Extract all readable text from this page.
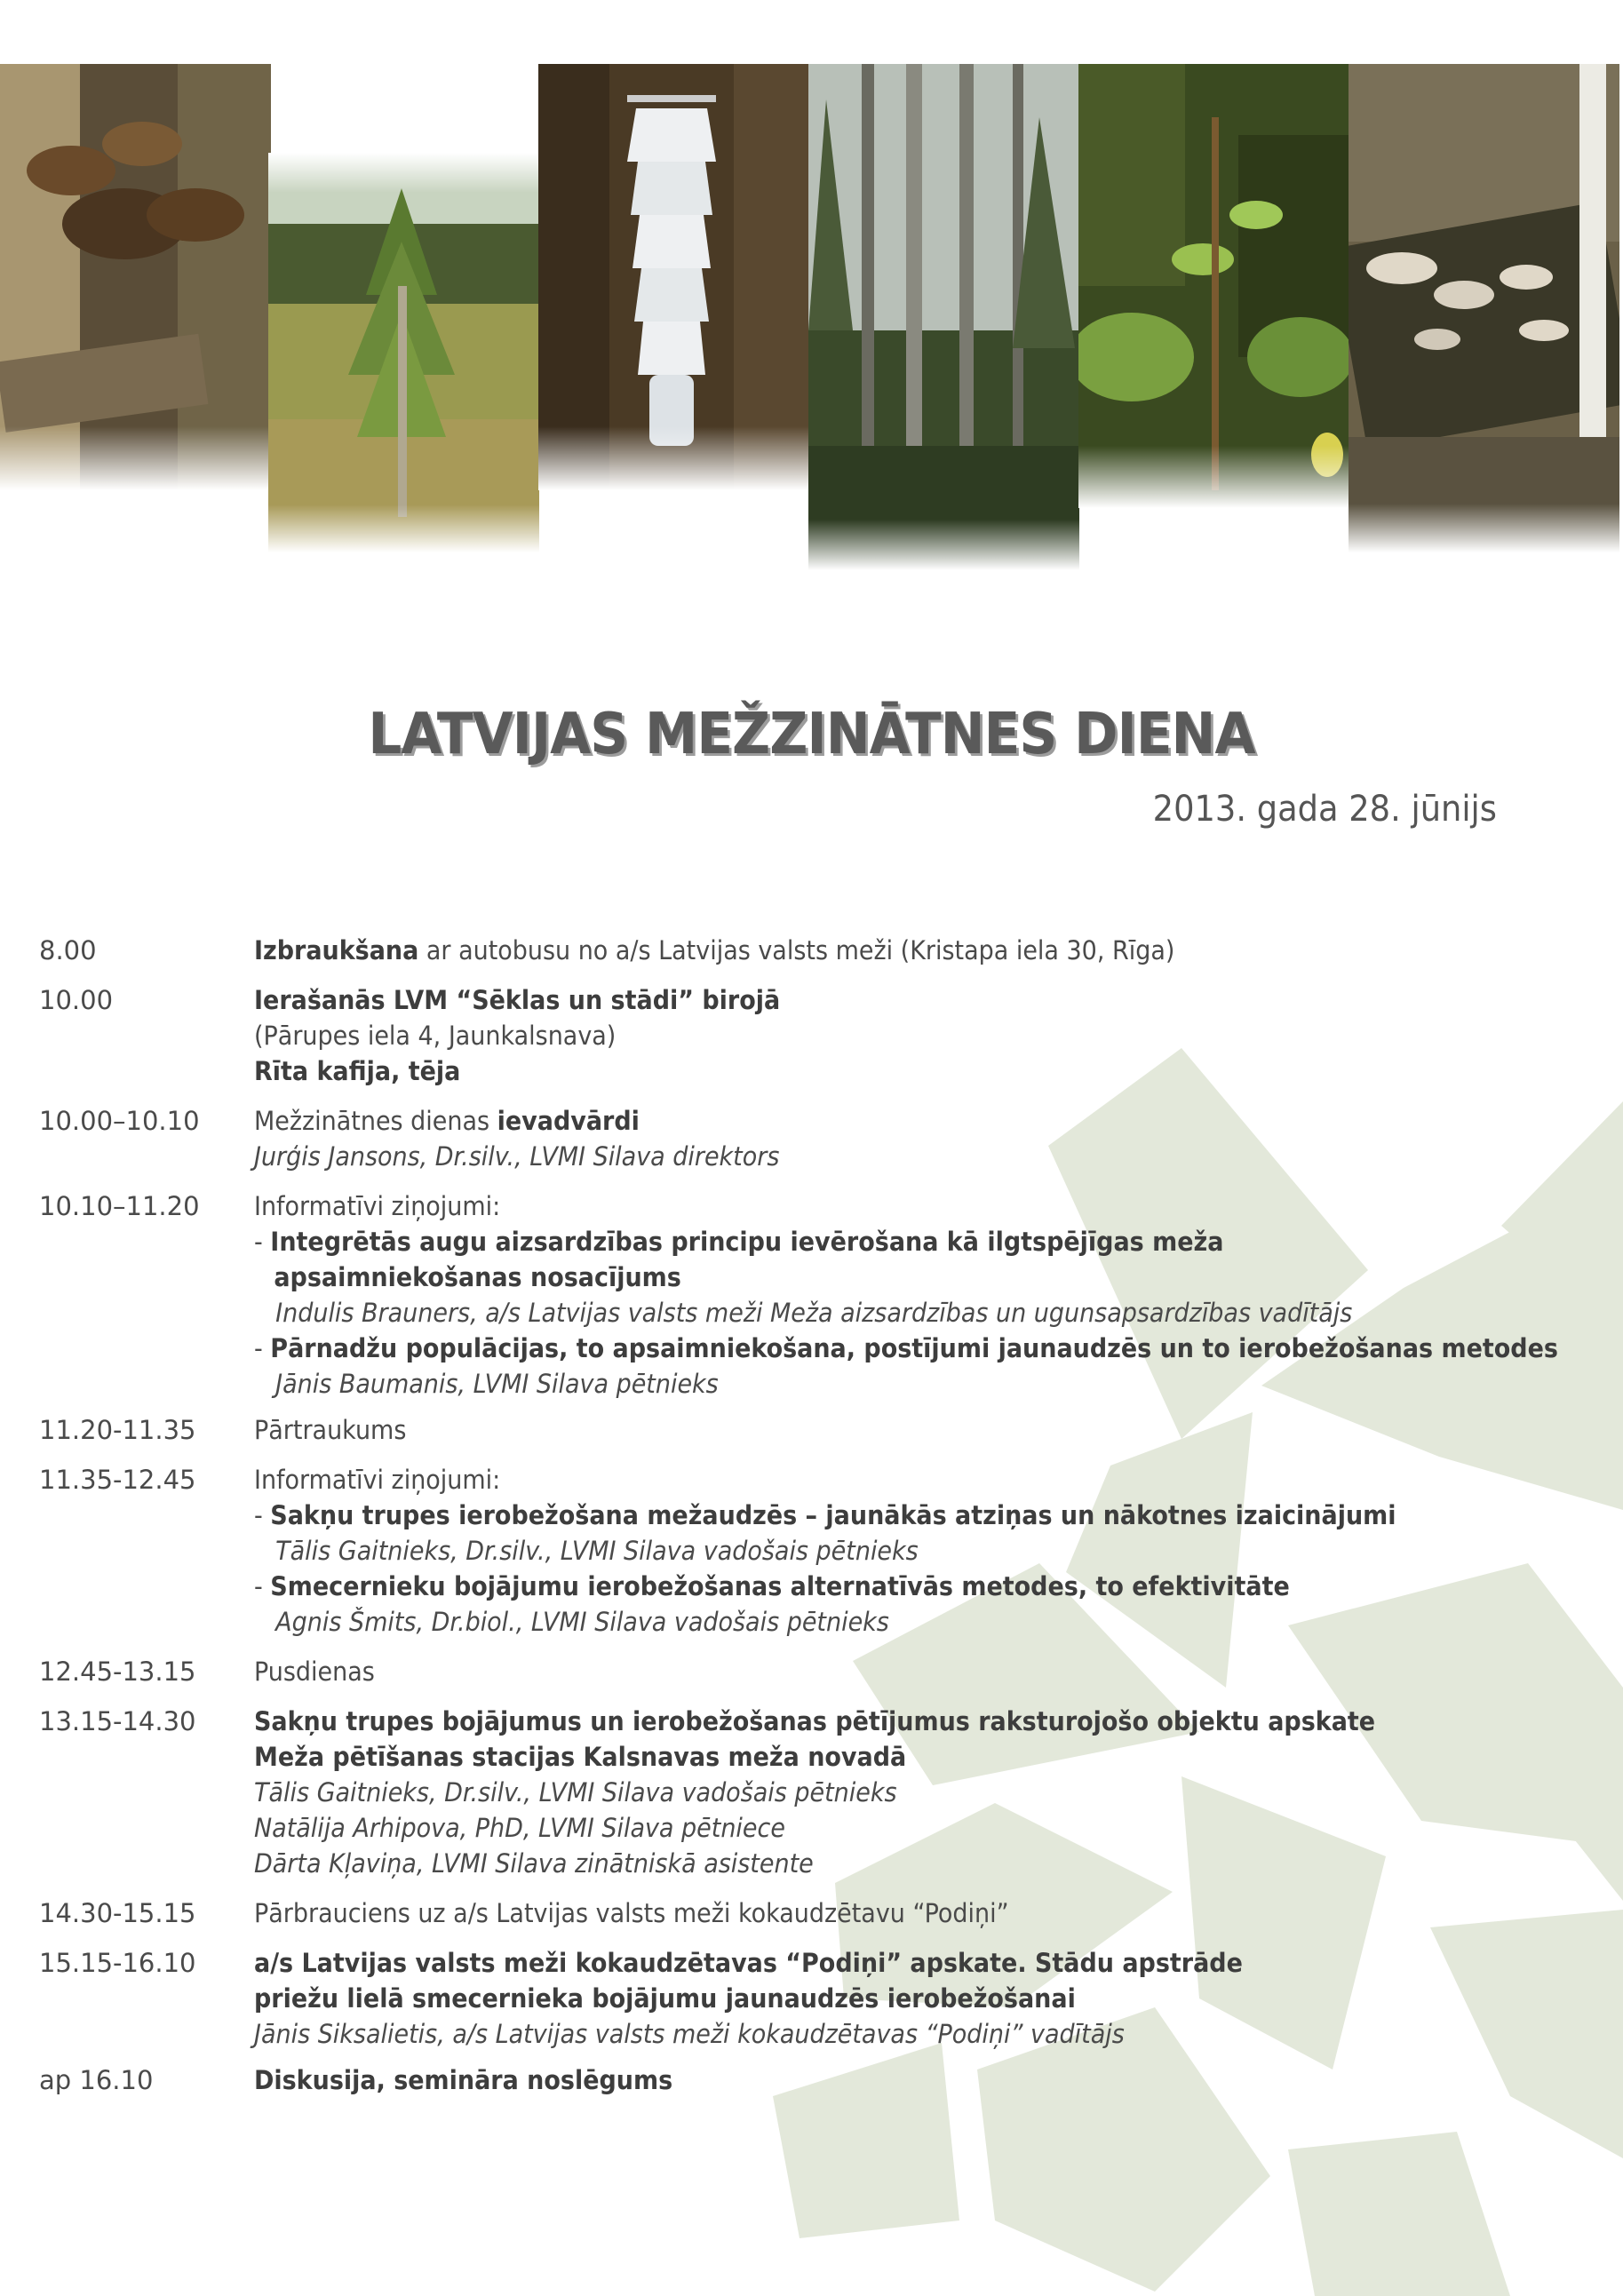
LATVIJAS MEŽZINĀTNES DIENA
2013. gada 28. jūnijs
8.00	Izbraukšana ar autobusu no a/s Latvijas valsts meži (Kristapa iela 30, Rīga)
10.00	Ierašanās LVM “Sēklas un stādi” birojā
(Pārupes iela 4, Jaunkalsnava)
Rīta kafija, tēja
10.00–10.10	Mežzinātnes dienas ievadvārdi
Jurģis Jansons, Dr.silv., LVMI Silava direktors
10.10–11.20	Informatīvi ziņojumi:
- Integrētās augu aizsardzības principu ievērošana kā ilgtspējīgas meža
apsaimniekošanas nosacījums
Indulis Brauners, a/s Latvijas valsts meži Meža aizsardzības un ugunsapsardzības vadītājs
- Pārnadžu populācijas, to apsaimniekošana, postījumi jaunaudzēs un to ierobežošanas metodes
Jānis Baumanis, LVMI Silava pētnieks
11.20-11.35	Pārtraukums
11.35-12.45	Informatīvi ziņojumi:
- Sakņu trupes ierobežošana mežaudzēs – jaunākās atziņas un nākotnes izaicinājumi
Tālis Gaitnieks, Dr.silv., LVMI Silava vadošais pētnieks
- Smecernieku bojājumu ierobežošanas alternatīvās metodes, to efektivitāte
Agnis Šmits, Dr.biol., LVMI Silava vadošais pētnieks
12.45-13.15	Pusdienas
13.15-14.30	Sakņu trupes bojājumus un ierobežošanas pētījumus raksturojošo objektu apskate
Meža pētīšanas stacijas Kalsnavas meža novadā
Tālis Gaitnieks, Dr.silv., LVMI Silava vadošais pētnieks
Natālija Arhipova, PhD, LVMI Silava pētniece
Dārta Kļaviņa, LVMI Silava zinātniskā asistente
14.30-15.15	Pārbrauciens uz a/s Latvijas valsts meži kokaudzētavu “Podiņi”
15.15-16.10	a/s Latvijas valsts meži kokaudzētavas “Podiņi” apskate. Stādu apstrāde
priežu lielā smecernieka bojājumu jaunaudzēs ierobežošanai
Jānis Siksalietis, a/s Latvijas valsts meži kokaudzētavas “Podiņi” vadītājs
ap 16.10	Diskusija, semināra noslēgums
